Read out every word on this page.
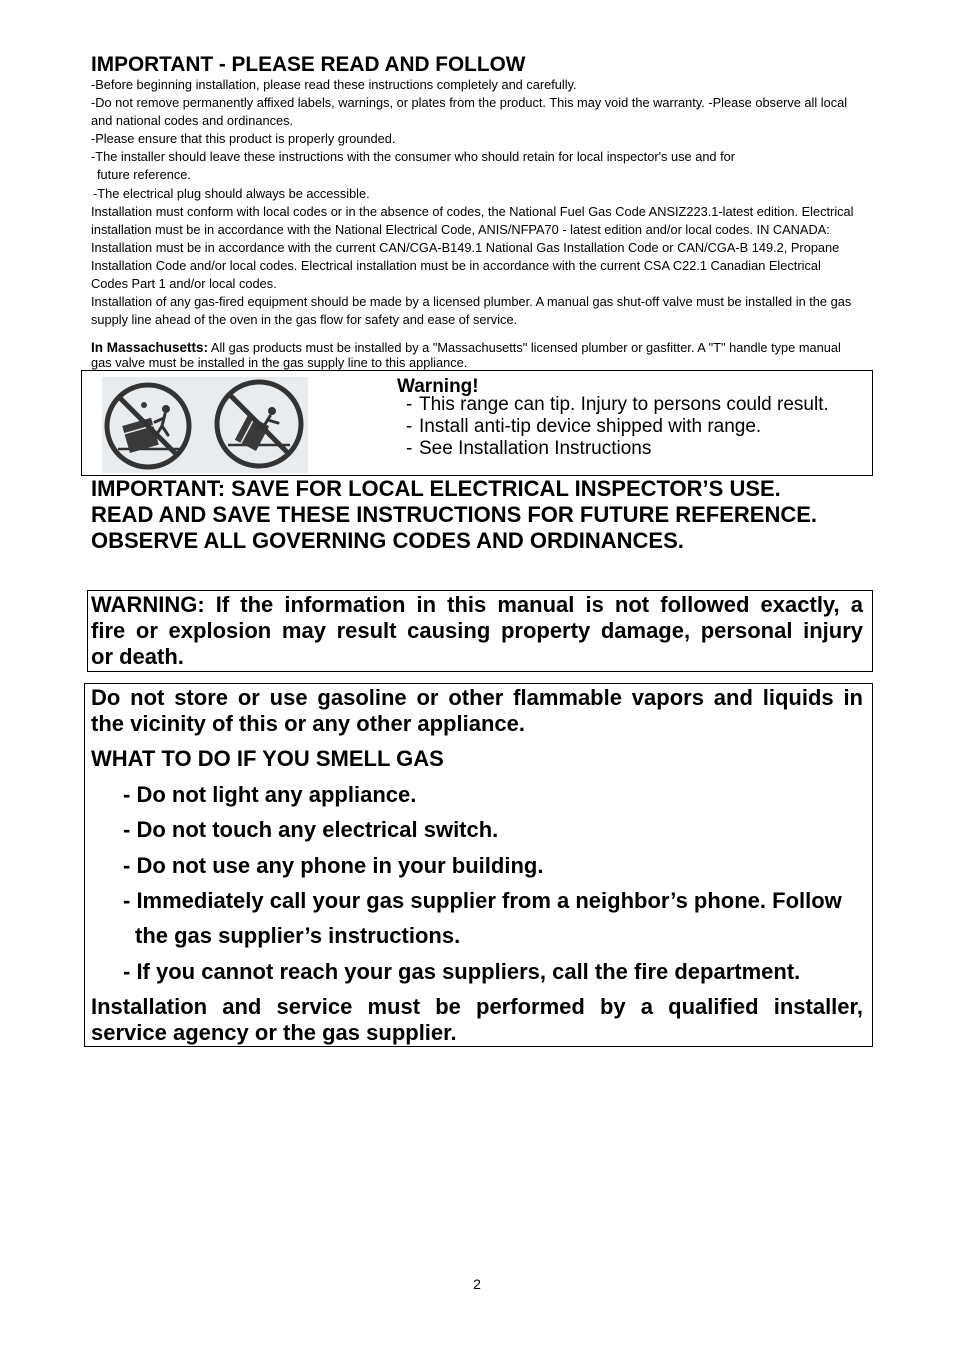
IMPORTANT - PLEASE READ AND FOLLOW
-Before beginning installation, please read these instructions completely and carefully.
-Do not remove permanently affixed labels, warnings, or plates from the product. This may void the warranty. -Please observe all local
and national codes and ordinances.
-Please ensure that this product is properly grounded.
-The installer should leave these instructions with the consumer who should retain for local inspector's use and for
future reference.
-The electrical plug should always be accessible.
Installation must conform with local codes or in the absence of codes, the National Fuel Gas Code ANSIZ223.1-latest edition. Electrical
installation must be in accordance with the National Electrical Code, ANIS/NFPA70 - latest edition and/or local codes. IN CANADA:
Installation must be in accordance with the current CAN/CGA-B149.1 National Gas Installation Code or CAN/CGA-B 149.2, Propane
Installation Code and/or local codes. Electrical installation must be in accordance with the current CSA C22.1 Canadian Electrical
Codes Part 1 and/or local codes.
Installation of any gas-fired equipment should be made by a licensed plumber. A manual gas shut-off valve must be installed in the gas
supply line ahead of the oven in the gas flow for safety and ease of service.
In Massachusetts: All gas products must be installed by a "Massachusetts" licensed plumber or gasfitter. A "T" handle type manual
gas valve must be installed in the gas supply line to this appliance.
Warning!
- This range can tip. Injury to persons could result.
- Install anti-tip device shipped with range.
- See Installation Instructions
IMPORTANT: SAVE FOR LOCAL ELECTRICAL INSPECTOR’S USE.
READ AND SAVE THESE INSTRUCTIONS FOR FUTURE REFERENCE.
OBSERVE ALL GOVERNING CODES AND ORDINANCES.
WARNING: If the information in this manual is not followed exactly, a
fire or explosion may result causing property damage, personal injury
or death.
Do not store or use gasoline or other flammable vapors and liquids in
the vicinity of this or any other appliance.
WHAT TO DO IF YOU SMELL GAS
- Do not light any appliance.
- Do not touch any electrical switch.
- Do not use any phone in your building.
- Immediately call your gas supplier from a neighbor’s phone. Follow
the gas supplier’s instructions.
- If you cannot reach your gas suppliers, call the fire department.
Installation and service must be performed by a qualified installer,
service agency or the gas supplier.
2
